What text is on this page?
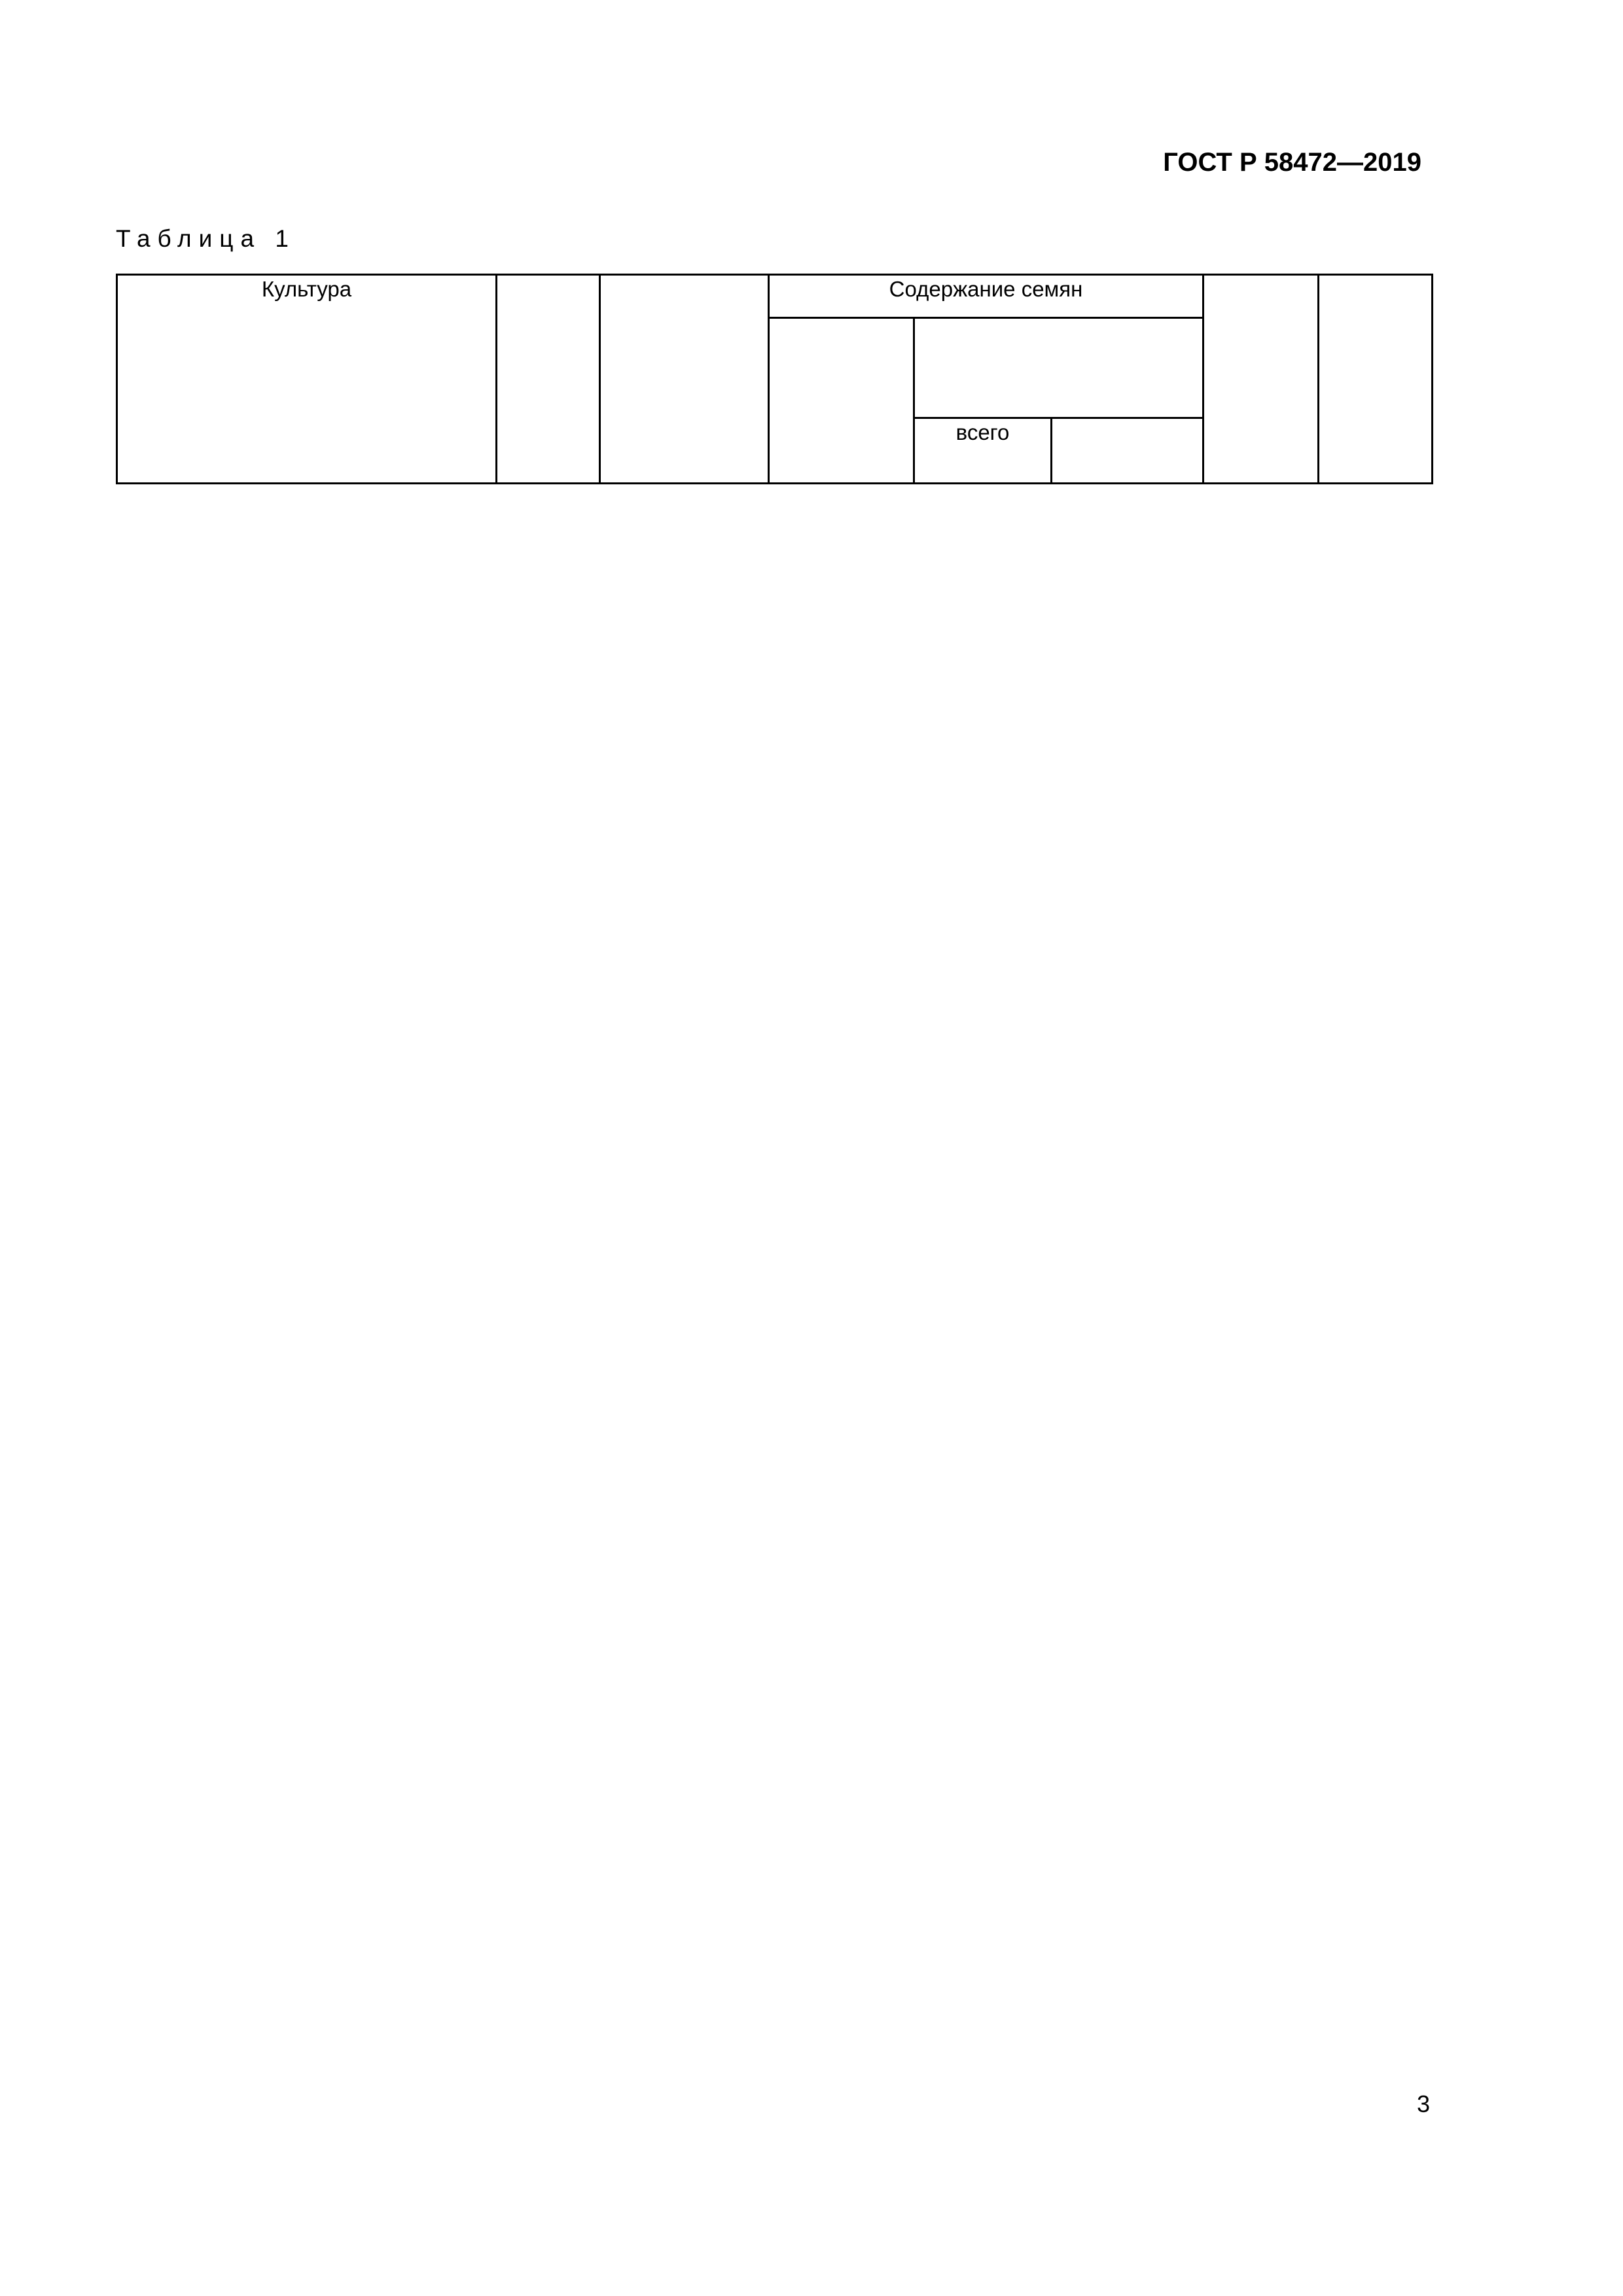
ГОСТ Р 58472—2019
Таблица 1
Культура			Содержание семян				

				всего			
3
